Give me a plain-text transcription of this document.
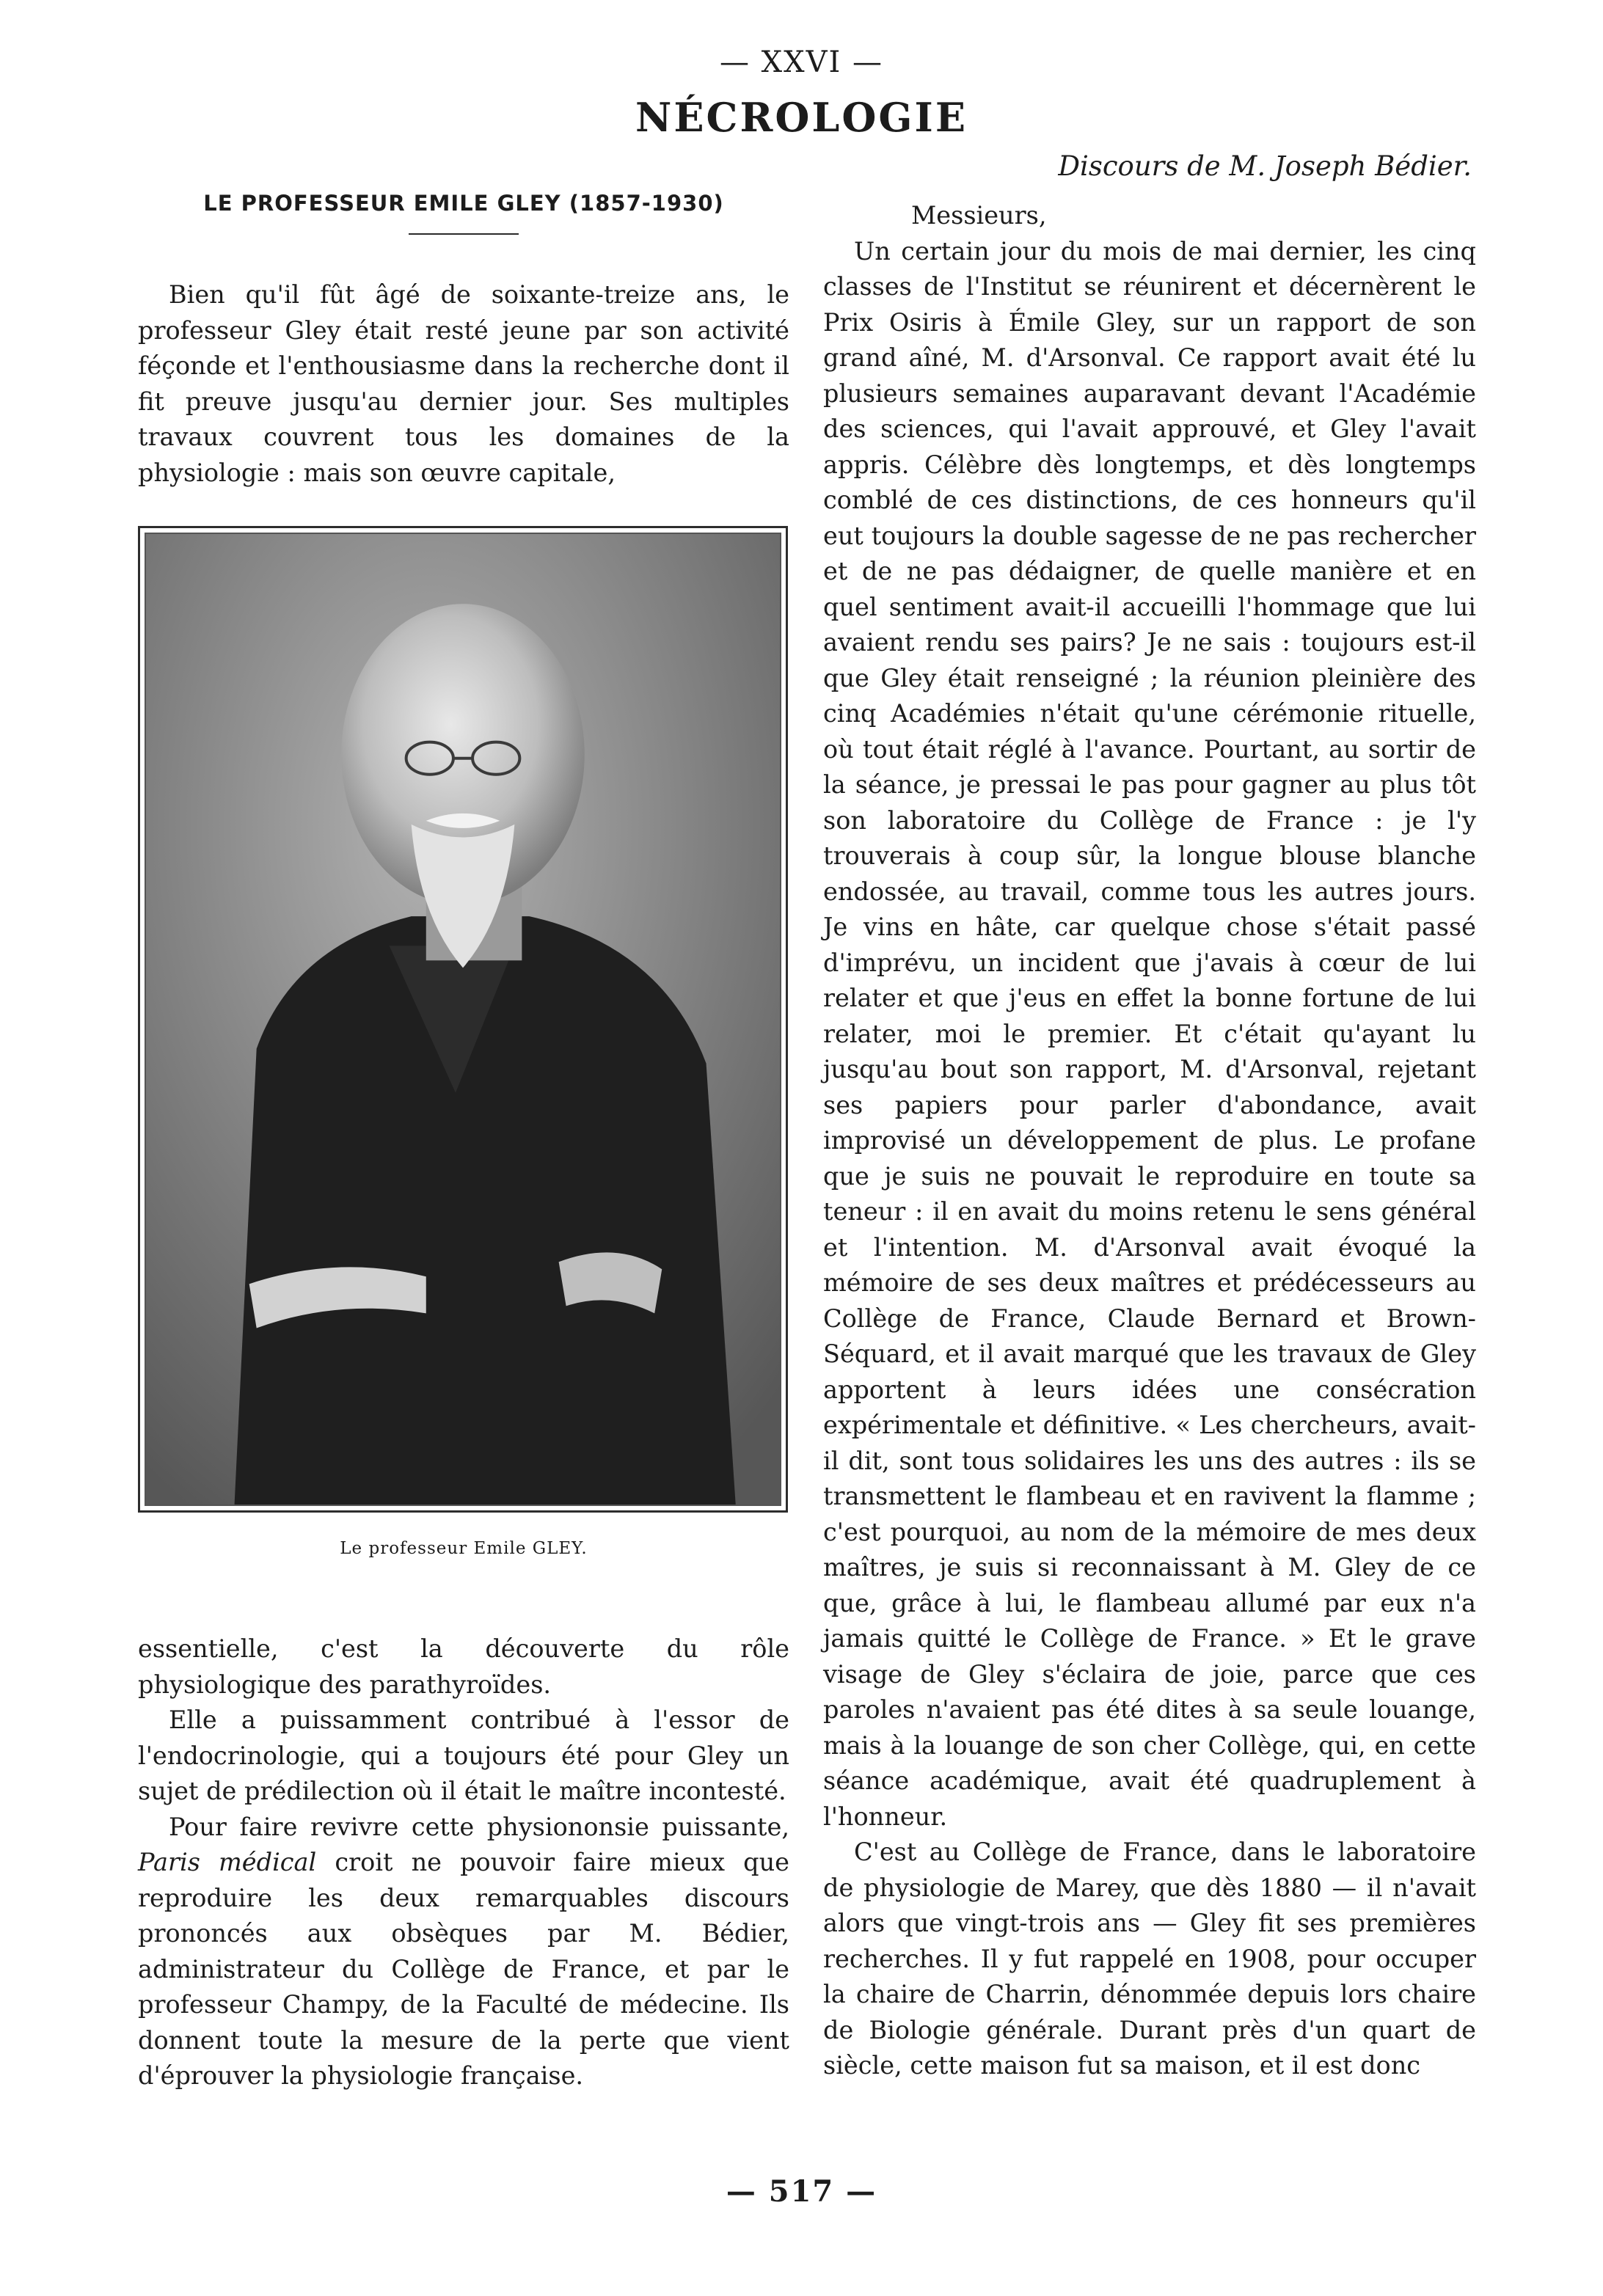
— XXVI —
NÉCROLOGIE
LE PROFESSEUR EMILE GLEY (1857-1930)

Bien qu'il fût âgé de soixante-treize ans, le professeur Gley était resté jeune par son activité féçonde et l'enthousiasme dans la recherche dont il fit preuve jusqu'au dernier jour. Ses multiples travaux couvrent tous les domaines de la physiologie : mais son œuvre capitale,

Le professeur Emile GLEY.

essentielle, c'est la découverte du rôle physiologique des parathyroïdes.

Elle a puissamment contribué à l'essor de l'endocrinologie, qui a toujours été pour Gley un sujet de prédilection où il était le maître incontesté.

Pour faire revivre cette physiononsie puissante, Paris médical croit ne pouvoir faire mieux que reproduire les deux remarquables discours prononcés aux obsèques par M. Bédier, administrateur du Collège de France, et par le professeur Champy, de la Faculté de médecine. Ils donnent toute la mesure de la perte que vient d'éprouver la physiologie française.

Discours de M. Joseph Bédier.
Messieurs,

Un certain jour du mois de mai dernier, les cinq classes de l'Institut se réunirent et décernèrent le Prix Osiris à Émile Gley, sur un rapport de son grand aîné, M. d'Arsonval. Ce rapport avait été lu plusieurs semaines auparavant devant l'Académie des sciences, qui l'avait approuvé, et Gley l'avait appris. Célèbre dès longtemps, et dès longtemps comblé de ces distinctions, de ces honneurs qu'il eut toujours la double sagesse de ne pas rechercher et de ne pas dédaigner, de quelle manière et en quel sentiment avait-il accueilli l'hommage que lui avaient rendu ses pairs? Je ne sais : toujours est-il que Gley était renseigné ; la réunion pleinière des cinq Académies n'était qu'une cérémonie rituelle, où tout était réglé à l'avance. Pourtant, au sortir de la séance, je pressai le pas pour gagner au plus tôt son laboratoire du Collège de France : je l'y trouverais à coup sûr, la longue blouse blanche endossée, au travail, comme tous les autres jours. Je vins en hâte, car quelque chose s'était passé d'imprévu, un incident que j'avais à cœur de lui relater et que j'eus en effet la bonne fortune de lui relater, moi le premier. Et c'était qu'ayant lu jusqu'au bout son rapport, M. d'Arsonval, rejetant ses papiers pour parler d'abondance, avait improvisé un développement de plus. Le profane que je suis ne pouvait le reproduire en toute sa teneur : il en avait du moins retenu le sens général et l'intention. M. d'Arsonval avait évoqué la mémoire de ses deux maîtres et prédécesseurs au Collège de France, Claude Bernard et Brown-Séquard, et il avait marqué que les travaux de Gley apportent à leurs idées une consécration expérimentale et définitive. « Les chercheurs, avait-il dit, sont tous solidaires les uns des autres : ils se transmettent le flambeau et en ravivent la flamme ; c'est pourquoi, au nom de la mémoire de mes deux maîtres, je suis si reconnaissant à M. Gley de ce que, grâce à lui, le flambeau allumé par eux n'a jamais quitté le Collège de France. » Et le grave visage de Gley s'éclaira de joie, parce que ces paroles n'avaient pas été dites à sa seule louange, mais à la louange de son cher Collège, qui, en cette séance académique, avait été quadruplement à l'honneur.

C'est au Collège de France, dans le laboratoire de physiologie de Marey, que dès 1880 — il n'avait alors que vingt-trois ans — Gley fit ses premières recherches. Il y fut rappelé en 1908, pour occuper la chaire de Charrin, dénommée depuis lors chaire de Biologie générale. Durant près d'un quart de siècle, cette maison fut sa maison, et il est donc

— 517 —
